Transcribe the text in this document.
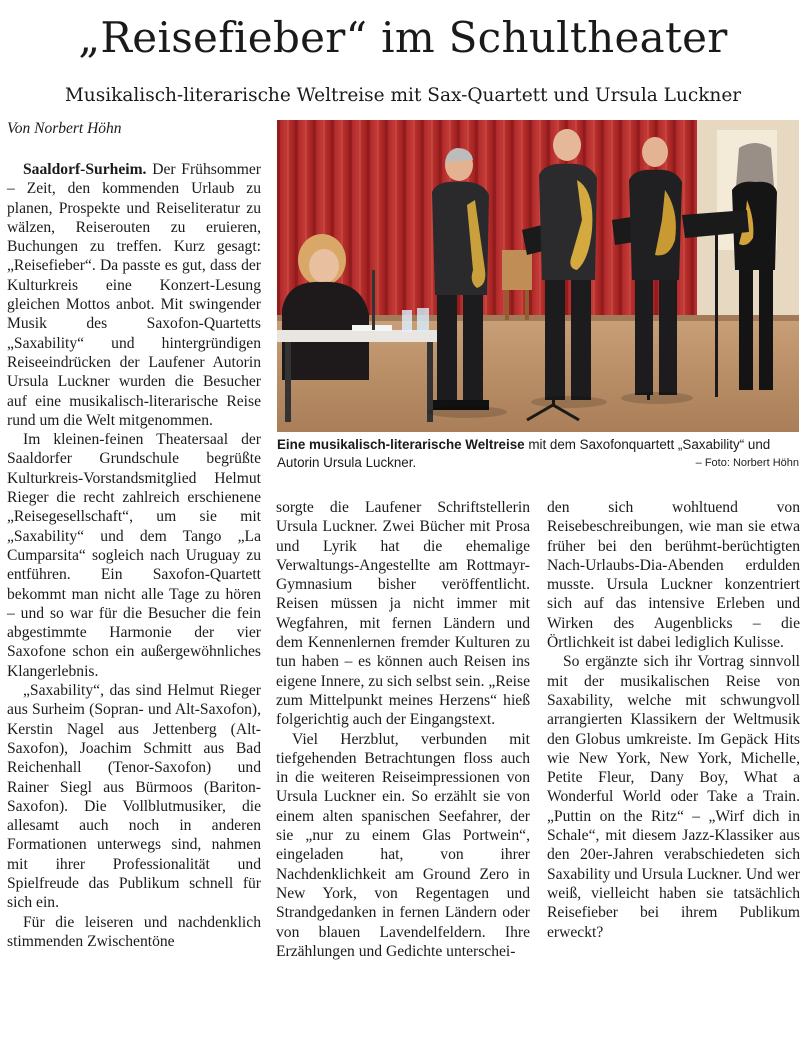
„Reisefieber“ im Schultheater
Musikalisch-literarische Weltreise mit Sax-Quartett und Ursula Luckner
Von Norbert Höhn

Saaldorf-Surheim. Der Frühsommer – Zeit, den kommenden Urlaub zu planen, Prospekte und Reiseliteratur zu wälzen, Reiserouten zu eruieren, Buchungen zu treffen. Kurz gesagt: „Reisefieber“. Da passte es gut, dass der Kulturkreis eine Konzert-Lesung gleichen Mottos anbot. Mit swingender Musik des Saxofon-Quartetts „Saxability“ und hintergründigen Reiseeindrücken der Laufener Autorin Ursula Luckner wurden die Besucher auf eine musikalisch-literarische Reise rund um die Welt mitgenommen.

Im kleinen-feinen Theatersaal der Saaldorfer Grundschule begrüßte Kulturkreis-Vorstandsmitglied Helmut Rieger die recht zahlreich erschienene „Reisegesellschaft“, um sie mit „Saxability“ und dem Tango „La Cumparsita“ sogleich nach Uruguay zu entführen. Ein Saxofon-Quartett bekommt man nicht alle Tage zu hören – und so war für die Besucher die fein abgestimmte Harmonie der vier Saxofone schon ein außergewöhnliches Klangerlebnis.

„Saxability“, das sind Helmut Rieger aus Surheim (Sopran- und Alt-Saxofon), Kerstin Nagel aus Jettenberg (Alt-Saxofon), Joachim Schmitt aus Bad Reichenhall (Tenor-Saxofon) und Rainer Siegl aus Bürmoos (Bariton-Saxofon). Die Vollblutmusiker, die allesamt auch noch in anderen Formationen unterwegs sind, nahmen mit ihrer Professionalität und Spielfreude das Publikum schnell für sich ein.

Für die leiseren und nachdenklich stimmenden Zwischentöne

Eine musikalisch-literarische Weltreise mit dem Saxofonquartett „Saxability“ und Autorin Ursula Luckner.	– Foto: Norbert Höhn

sorgte die Laufener Schriftstellerin Ursula Luckner. Zwei Bücher mit Prosa und Lyrik hat die ehemalige Verwaltungs-Angestellte am Rottmayr-Gymnasium bisher veröffentlicht. Reisen müssen ja nicht immer mit Wegfahren, mit fernen Ländern und dem Kennenlernen fremder Kulturen zu tun haben – es können auch Reisen ins eigene Innere, zu sich selbst sein. „Reise zum Mittelpunkt meines Herzens“ hieß folgerichtig auch der Eingangstext.

Viel Herzblut, verbunden mit tiefgehenden Betrachtungen floss auch in die weiteren Reiseimpressionen von Ursula Luckner ein. So erzählt sie von einem alten spanischen Seefahrer, der sie „nur zu einem Glas Portwein“, eingeladen hat, von ihrer Nachdenklichkeit am Ground Zero in New York, von Regentagen und Strandgedanken in fernen Ländern oder von blauen Lavendelfeldern. Ihre Erzählungen und Gedichte unterschei-

den sich wohltuend von Reisebeschreibungen, wie man sie etwa früher bei den berühmt-berüchtigten Nach-Urlaubs-Dia-Abenden erdulden musste. Ursula Luckner konzentriert sich auf das intensive Erleben und Wirken des Augenblicks – die Örtlichkeit ist dabei lediglich Kulisse.

So ergänzte sich ihr Vortrag sinnvoll mit der musikalischen Reise von Saxability, welche mit schwungvoll arrangierten Klassikern der Weltmusik den Globus umkreiste. Im Gepäck Hits wie New York, New York, Michelle, Petite Fleur, Dany Boy, What a Wonderful World oder Take a Train. „Puttin on the Ritz“ – „Wirf dich in Schale“, mit diesem Jazz-Klassiker aus den 20er-Jahren verabschiedeten sich Saxability und Ursula Luckner. Und wer weiß, vielleicht haben sie tatsächlich Reisefieber bei ihrem Publikum erweckt?
